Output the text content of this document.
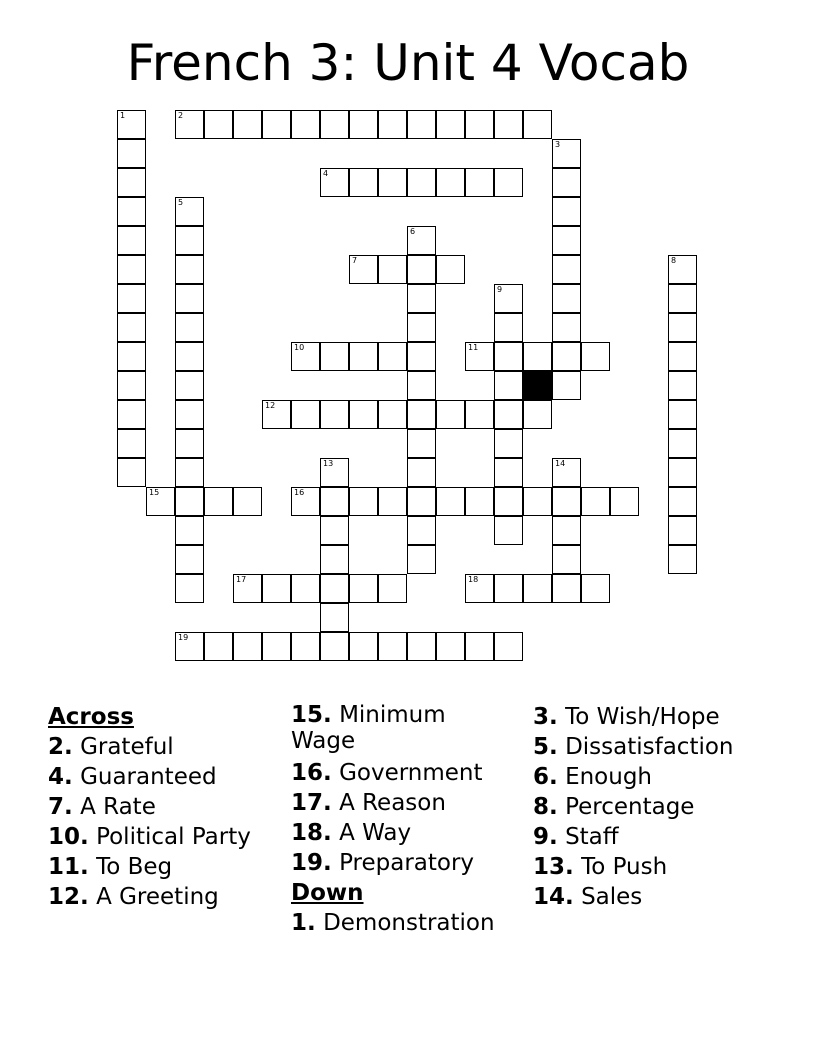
French 3: Unit 4 Vocab
2
4
7
10	11
12
15	16
17	18
19
1
3
5
6
8
9
13	14

Across

2. Grateful

4. Guaranteed

7. A Rate

10. Political Party

11. To Beg

12. A Greeting

15. Minimum Wage

16. Government

17. A Reason

18. A Way

19. Preparatory

Down

1. Demonstration

3. To Wish/Hope

5. Dissatisfaction

6. Enough

8. Percentage

9. Staff

13. To Push

14. Sales
